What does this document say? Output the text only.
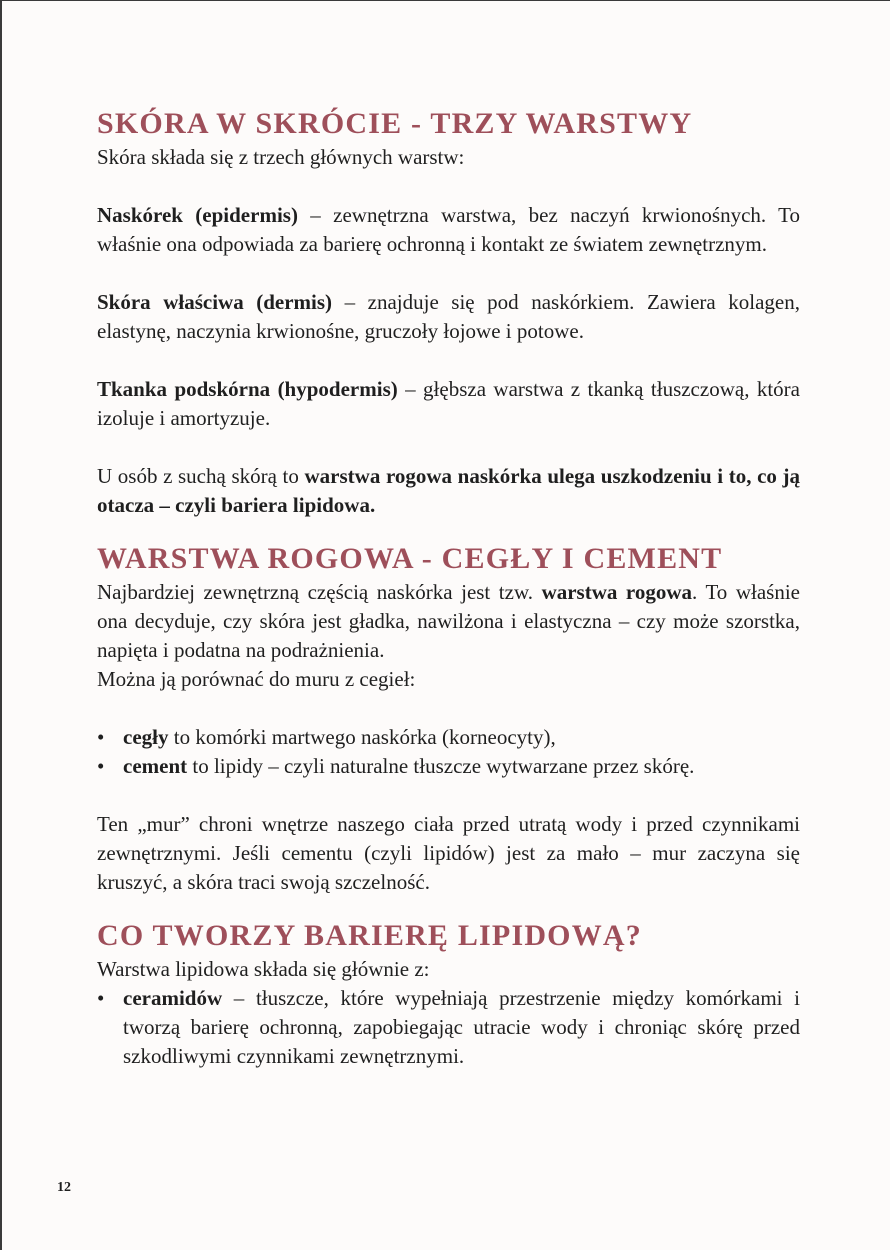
SKÓRA W SKRÓCIE - TRZY WARSTWY

Skóra składa się z trzech głównych warstw:

Naskórek (epidermis) – zewnętrzna warstwa, bez naczyń krwionośnych. To właśnie ona odpowiada za barierę ochronną i kontakt ze światem zewnętrznym.

Skóra właściwa (dermis) – znajduje się pod naskórkiem. Zawiera kolagen, elastynę, naczynia krwionośne, gruczoły łojowe i potowe.

Tkanka podskórna (hypodermis) – głębsza warstwa z tkanką tłuszczową, która izoluje i amortyzuje.

U osób z suchą skórą to warstwa rogowa naskórka ulega uszkodzeniu i to, co ją otacza – czyli bariera lipidowa.

WARSTWA ROGOWA - CEGŁY I CEMENT

Najbardziej zewnętrzną częścią naskórka jest tzw. warstwa rogowa. To właśnie ona decyduje, czy skóra jest gładka, nawilżona i elastyczna – czy może szorstka, napięta i podatna na podrażnienia.

Można ją porównać do muru z cegieł:

• cegły to komórki martwego naskórka (korneocyty),
• cement to lipidy – czyli naturalne tłuszcze wytwarzane przez skórę.

Ten „mur” chroni wnętrze naszego ciała przed utratą wody i przed czynnikami zewnętrznymi. Jeśli cementu (czyli lipidów) jest za mało – mur zaczyna się kruszyć, a skóra traci swoją szczelność.

CO TWORZY BARIERĘ LIPIDOWĄ?

Warstwa lipidowa składa się głównie z:

• ceramidów – tłuszcze, które wypełniają przestrzenie między komórkami i tworzą barierę ochronną, zapobiegając utracie wody i chroniąc skórę przed szkodliwymi czynnikami zewnętrznymi.
12
